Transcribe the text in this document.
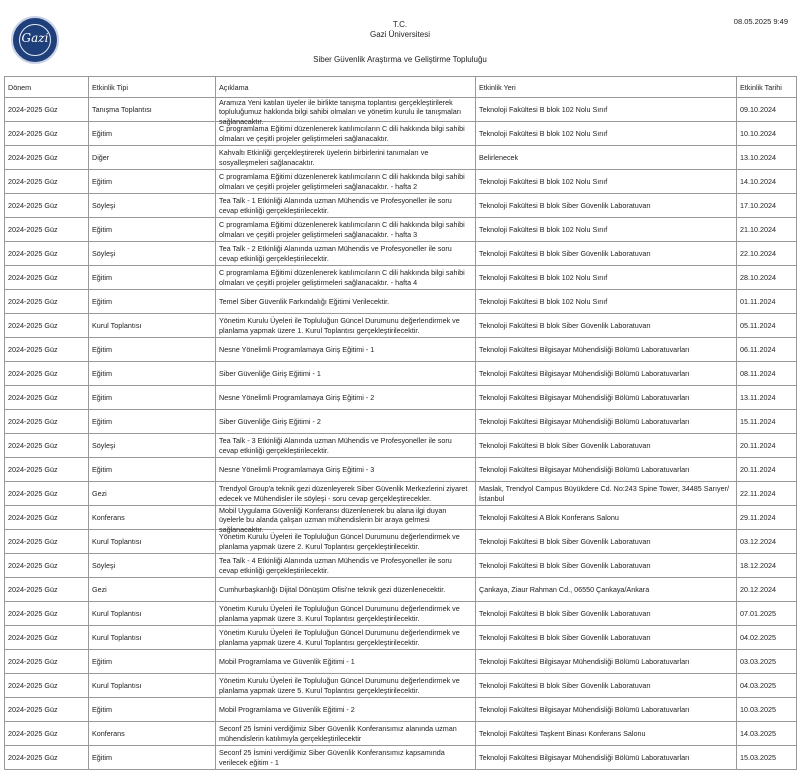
Gazi
T.C.
Gazi Üniversitesi
Siber Güvenlik Araştırma ve Geliştirme Topluluğu
08.05.2025 9:49
Dönem	Etkinlik Tipi	Açıklama	Etkinlik Yeri	Etkinlik Tarihi

2024-2025 Güz	Tanışma Toplantısı	Aramıza Yeni katılan üyeler ile birlikte tanışma toplantısı gerçekleştirilerek topluluğumuz hakkında bilgi sahibi olmaları ve yönetim kurulu ile tanışmaları sağlanacaktır.	Teknoloji Fakültesi B blok 102 Nolu Sınıf	09.10.2024

2024-2025 Güz	Eğitim	C programlama Eğitimi düzenlenerek katılımcıların C dili hakkında bilgi sahibi olmaları ve çeşitli projeler geliştirmeleri sağlanacaktır.	Teknoloji Fakültesi B blok 102 Nolu Sınıf	10.10.2024

2024-2025 Güz	Diğer	Kahvaltı Etkinliği gerçekleştirerek üyelerin birbirlerini tanımaları ve sosyalleşmeleri sağlanacaktır.	Belirlenecek	13.10.2024

2024-2025 Güz	Eğitim	C programlama Eğitimi düzenlenerek katılımcıların C dili hakkında bilgi sahibi olmaları ve çeşitli projeler geliştirmeleri sağlanacaktır. - hafta 2	Teknoloji Fakültesi B blok 102 Nolu Sınıf	14.10.2024

2024-2025 Güz	Söyleşi	Tea Talk - 1 Etkinliği Alanında uzman Mühendis ve Profesyoneller ile soru cevap etkinliği gerçekleştirilecektir.	Teknoloji Fakültesi B blok Siber Güvenlik Laboratuvarı	17.10.2024

2024-2025 Güz	Eğitim	C programlama Eğitimi düzenlenerek katılımcıların C dili hakkında bilgi sahibi olmaları ve çeşitli projeler geliştirmeleri sağlanacaktır. - hafta 3	Teknoloji Fakültesi B blok 102 Nolu Sınıf	21.10.2024

2024-2025 Güz	Söyleşi	Tea Talk - 2 Etkinliği Alanında uzman Mühendis ve Profesyoneller ile soru cevap etkinliği gerçekleştirilecektir.	Teknoloji Fakültesi B blok Siber Güvenlik Laboratuvarı	22.10.2024

2024-2025 Güz	Eğitim	C programlama Eğitimi düzenlenerek katılımcıların C dili hakkında bilgi sahibi olmaları ve çeşitli projeler geliştirmeleri sağlanacaktır. - hafta 4	Teknoloji Fakültesi B blok 102 Nolu Sınıf	28.10.2024

2024-2025 Güz	Eğitim	Temel Siber Güvenlik Farkındalığı Eğitimi Verilecektir.	Teknoloji Fakültesi B blok 102 Nolu Sınıf	01.11.2024

2024-2025 Güz	Kurul Toplantısı	Yönetim Kurulu Üyeleri ile Topluluğun Güncel Durumunu değerlendirmek ve planlama yapmak üzere 1. Kurul Toplantısı gerçekleştirilecektir.	Teknoloji Fakültesi B blok Siber Güvenlik Laboratuvarı	05.11.2024

2024-2025 Güz	Eğitim	Nesne Yönelimli Programlamaya Giriş Eğitimi - 1	Teknoloji Fakültesi Bilgisayar Mühendisliği Bölümü Laboratuvarları	06.11.2024

2024-2025 Güz	Eğitim	Siber Güvenliğe Giriş Eğitimi - 1	Teknoloji Fakültesi Bilgisayar Mühendisliği Bölümü Laboratuvarları	08.11.2024

2024-2025 Güz	Eğitim	Nesne Yönelimli Programlamaya Giriş Eğitimi - 2	Teknoloji Fakültesi Bilgisayar Mühendisliği Bölümü Laboratuvarları	13.11.2024

2024-2025 Güz	Eğitim	Siber Güvenliğe Giriş Eğitimi - 2	Teknoloji Fakültesi Bilgisayar Mühendisliği Bölümü Laboratuvarları	15.11.2024

2024-2025 Güz	Söyleşi	Tea Talk - 3 Etkinliği Alanında uzman Mühendis ve Profesyoneller ile soru cevap etkinliği gerçekleştirilecektir.	Teknoloji Fakültesi B blok Siber Güvenlik Laboratuvarı	20.11.2024

2024-2025 Güz	Eğitim	Nesne Yönelimli Programlamaya Giriş Eğitimi - 3	Teknoloji Fakültesi Bilgisayar Mühendisliği Bölümü Laboratuvarları	20.11.2024

2024-2025 Güz	Gezi	Trendyol Group'a teknik gezi düzenleyerek Siber Güvenlik Merkezlerini ziyaret edecek ve Mühendisler ile söyleşi - soru cevap gerçekleştirecekler.	Maslak, Trendyol Campus Büyükdere Cd. No:243 Spine Tower, 34485 Sarıyer/İstanbul	22.11.2024

2024-2025 Güz	Konferans	Mobil Uygulama Güvenliği Konferansı düzenlenerek bu alana ilgi duyan üyelerle bu alanda çalışan uzman mühendislerin bir araya gelmesi sağlanacaktır.	Teknoloji Fakültesi A Blok Konferans Salonu	29.11.2024

2024-2025 Güz	Kurul Toplantısı	Yönetim Kurulu Üyeleri ile Topluluğun Güncel Durumunu değerlendirmek ve planlama yapmak üzere 2. Kurul Toplantısı gerçekleştirilecektir.	Teknoloji Fakültesi B blok Siber Güvenlik Laboratuvarı	03.12.2024

2024-2025 Güz	Söyleşi	Tea Talk - 4 Etkinliği Alanında uzman Mühendis ve Profesyoneller ile soru cevap etkinliği gerçekleştirilecektir.	Teknoloji Fakültesi B blok Siber Güvenlik Laboratuvarı	18.12.2024

2024-2025 Güz	Gezi	Cumhurbaşkanlığı Dijital Dönüşüm Ofisi'ne teknik gezi düzenlenecektir.	Çankaya, Ziaur Rahman Cd., 06550 Çankaya/Ankara	20.12.2024

2024-2025 Güz	Kurul Toplantısı	Yönetim Kurulu Üyeleri ile Topluluğun Güncel Durumunu değerlendirmek ve planlama yapmak üzere 3. Kurul Toplantısı gerçekleştirilecektir.	Teknoloji Fakültesi B blok Siber Güvenlik Laboratuvarı	07.01.2025

2024-2025 Güz	Kurul Toplantısı	Yönetim Kurulu Üyeleri ile Topluluğun Güncel Durumunu değerlendirmek ve planlama yapmak üzere 4. Kurul Toplantısı gerçekleştirilecektir.	Teknoloji Fakültesi B blok Siber Güvenlik Laboratuvarı	04.02.2025

2024-2025 Güz	Eğitim	Mobil Programlama ve Güvenlik Eğitimi - 1	Teknoloji Fakültesi Bilgisayar Mühendisliği Bölümü Laboratuvarları	03.03.2025

2024-2025 Güz	Kurul Toplantısı	Yönetim Kurulu Üyeleri ile Topluluğun Güncel Durumunu değerlendirmek ve planlama yapmak üzere 5. Kurul Toplantısı gerçekleştirilecektir.	Teknoloji Fakültesi B blok Siber Güvenlik Laboratuvarı	04.03.2025

2024-2025 Güz	Eğitim	Mobil Programlama ve Güvenlik Eğitimi - 2	Teknoloji Fakültesi Bilgisayar Mühendisliği Bölümü Laboratuvarları	10.03.2025

2024-2025 Güz	Konferans	Seconf 25 İsmini verdiğimiz Siber Güvenlik Konferansımız alanında uzman mühendislerin katılımıyla gerçekleştirilecektir	Teknoloji Fakültesi Taşkent Binası Konferans Salonu	14.03.2025

2024-2025 Güz	Eğitim	Seconf 25 İsmini verdiğimiz Siber Güvenlik Konferansımız kapsamında verilecek eğitim - 1	Teknoloji Fakültesi Bilgisayar Mühendisliği Bölümü Laboratuvarları	15.03.2025
